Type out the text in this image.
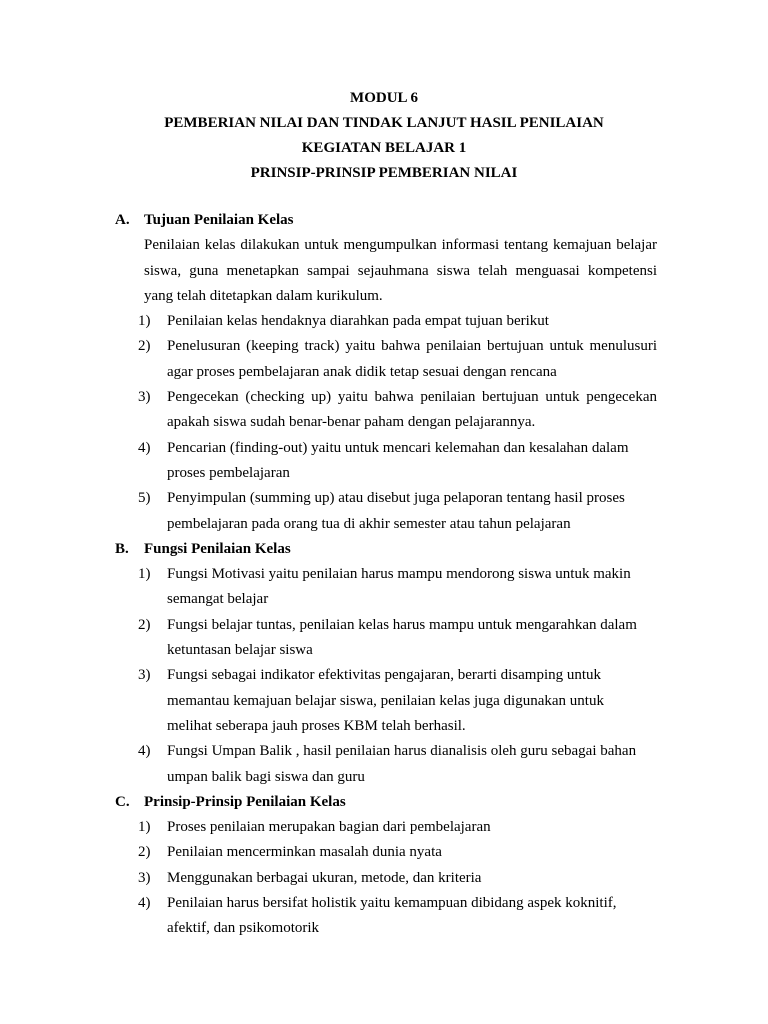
MODUL 6
PEMBERIAN NILAI DAN TINDAK LANJUT HASIL PENILAIAN
KEGIATAN BELAJAR 1
PRINSIP-PRINSIP PEMBERIAN NILAI
A. Tujuan Penilaian Kelas
Penilaian kelas dilakukan untuk mengumpulkan informasi tentang kemajuan belajar
siswa, guna menetapkan sampai sejauhmana siswa telah menguasai kompetensi
yang telah ditetapkan dalam kurikulum.
1) Penilaian kelas hendaknya diarahkan pada empat tujuan berikut
2) Penelusuran (keeping track) yaitu bahwa penilaian bertujuan untuk menulusuri
agar proses pembelajaran anak didik tetap sesuai dengan rencana
3) Pengecekan (checking up) yaitu bahwa penilaian bertujuan untuk pengecekan
apakah siswa sudah benar-benar paham dengan pelajarannya.
4) Pencarian (finding-out) yaitu untuk mencari kelemahan dan kesalahan dalam
proses pembelajaran
5) Penyimpulan (summing up) atau disebut juga pelaporan tentang hasil proses
pembelajaran pada orang tua di akhir semester atau tahun pelajaran
B. Fungsi Penilaian Kelas
1) Fungsi Motivasi yaitu penilaian harus mampu mendorong siswa untuk makin
semangat belajar
2) Fungsi belajar tuntas, penilaian kelas harus mampu untuk mengarahkan dalam
ketuntasan belajar siswa
3) Fungsi sebagai indikator efektivitas pengajaran, berarti disamping untuk
memantau kemajuan belajar siswa, penilaian kelas juga digunakan untuk
melihat seberapa jauh proses KBM telah berhasil.
4) Fungsi Umpan Balik , hasil penilaian harus dianalisis oleh guru sebagai bahan
umpan balik bagi siswa dan guru
C. Prinsip-Prinsip Penilaian Kelas
1) Proses penilaian merupakan bagian dari pembelajaran
2) Penilaian mencerminkan masalah dunia nyata
3) Menggunakan berbagai ukuran, metode, dan kriteria
4) Penilaian harus bersifat holistik yaitu kemampuan dibidang aspek koknitif,
afektif, dan psikomotorik
